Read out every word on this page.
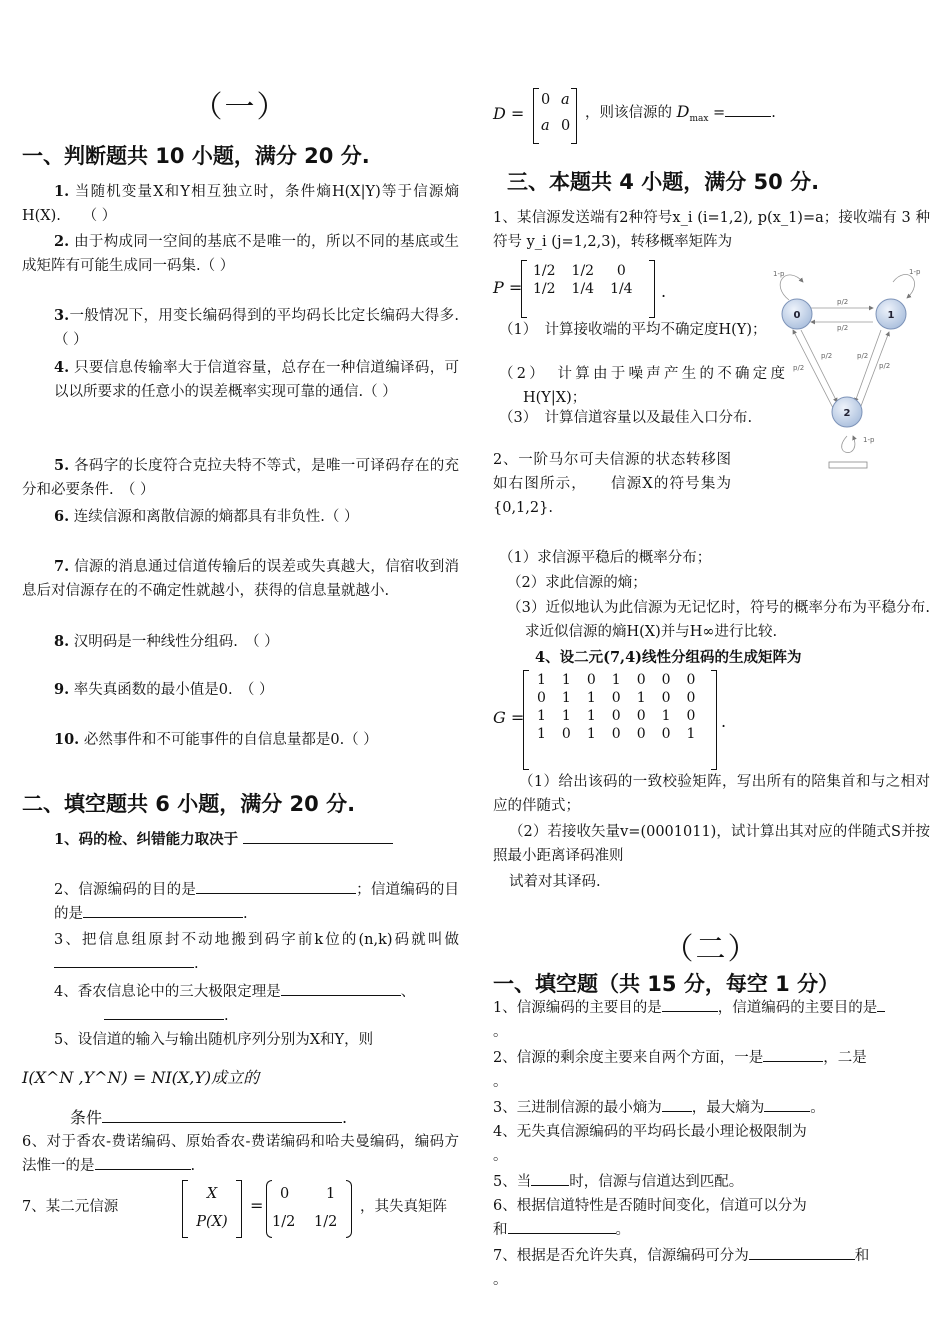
（一）
一、判断题共 10 小题，满分 20 分.
1. 当随机变量X和Y相互独立时，条件熵H(X|Y)等于信源熵H(X).　　（ ）
2. 由于构成同一空间的基底不是唯一的，所以不同的基底或生成矩阵有可能生成同一码集.（ ）
3.一般情况下，用变长编码得到的平均码长比定长编码大得多.　　（ ）
4. 只要信息传输率大于信道容量，总存在一种信道编译码，可以以所要求的任意小的误差概率实现可靠的通信.（ ）
5. 各码字的长度符合克拉夫特不等式，是唯一可译码存在的充分和必要条件.　（ ）
6. 连续信源和离散信源的熵都具有非负性.（ ）
7. 信源的消息通过信道传输后的误差或失真越大，信宿收到消息后对信源存在的不确定性就越小，获得的信息量就越小.
8. 汉明码是一种线性分组码.　（ ）
9. 率失真函数的最小值是0.　（ ）
10. 必然事件和不可能事件的自信息量都是0.（ ）
二、填空题共 6 小题，满分 20 分.
1、码的检、纠错能力取决于
2、信源编码的目的是	；信道编码的目的是	.
3、把信息组原封不动地搬到码字前k位的(n,k)码就叫做.
4、香农信息论中的三大极限定理是	、
.
5、设信道的输入与输出随机序列分别为X和Y，则
I(X^N ,Y^N) = NI(X,Y)成立的
条件	.
6、对于香农-费诺编码、原始香农-费诺编码和哈夫曼编码，编码方法惟一的是	.
7、某二元信源
X
P(X)
=
0	1
1/2 1/2
，其失真矩阵
D =
0 a
a 0
，则该信源的 $D_{max}$ =	.
三、本题共 4 小题，满分 50 分.
1、某信源发送端有2种符号x_i (i=1,2), p(x_1)=a；接收端有 3 种符号 y_i (j=1,2,3)，转移概率矩阵为
P =
1/2	1/2	0
1/2	1/4	1/4 .
（1）　计算接收端的平均不确定度H(Y)；
（2）　计算由于噪声产生的不确定度H(Y|X)；
（3）　计算信道容量以及最佳入口分布.
2、一阶马尔可夫信源的状态转移图如右图所示，　　信源X的符号集为{0,1,2}.
0	1
2
1-p	1-p
p/2
p/2
p/2
p/2
p/2
p/2
1-p
（1）求信源平稳后的概率分布；
（2）求此信源的熵；
（3）近似地认为此信源为无记忆时，符号的概率分布为平稳分布.求近似信源的熵H(X)并与H∞进行比较.
4、设二元(7,4)线性分组码的生成矩阵为
G =
1	1	0	1	0	0	0
0	1	1	0	1	0	0
1	1	1	0	0	1	0
1	0	1	0	0	0	1
.
（1）给出该码的一致校验矩阵，写出所有的陪集首和与之相对应的伴随式；
（2）若接收矢量v=(0001011)，试计算出其对应的伴随式S并按照最小距离译码准则
试着对其译码.
（二）
一、填空题（共 15 分，每空 1 分）
1、信源编码的主要目的是	，信道编码的主要目的是
。
2、信源的剩余度主要来自两个方面，一是	，二是
。
3、三进制信源的最小熵为 ，最大熵为	。
4、无失真信源编码的平均码长最小理论极限制为
。
5、当	时，信源与信道达到匹配。
6、根据信道特性是否随时间变化，信道可以分为
和	。
7、根据是否允许失真，信源编码可分为	和
。
